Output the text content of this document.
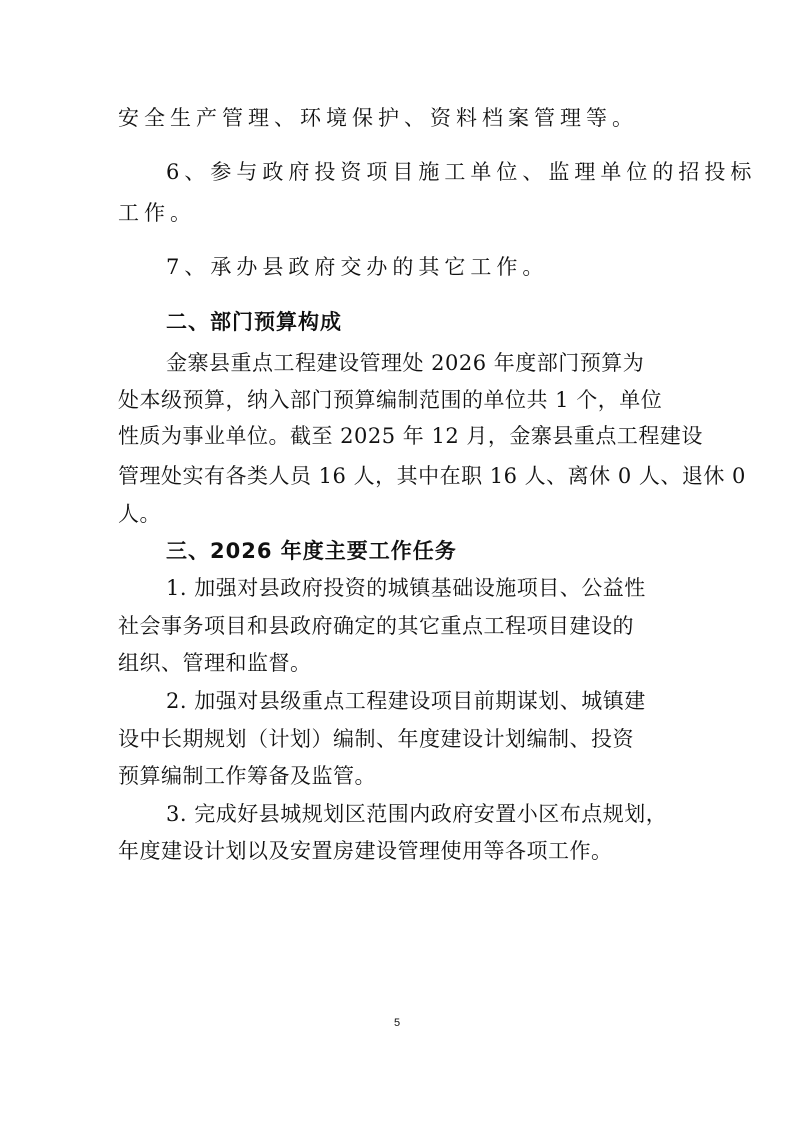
安全生产管理、环境保护、资料档案管理等。
6、参与政府投资项目施工单位、监理单位的招投标
工作。
7、承办县政府交办的其它工作。
二、部门预算构成
金寨县重点工程建设管理处 2026 年度部门预算为
处本级预算，纳入部门预算编制范围的单位共 1 个，单位
性质为事业单位。截至 2025 年 12 月，金寨县重点工程建设
管理处实有各类人员 16 人，其中在职 16 人、离休 0 人、退休 0
人。
三、2026 年度主要工作任务
1. 加强对县政府投资的城镇基础设施项目、公益性
社会事务项目和县政府确定的其它重点工程项目建设的
组织、管理和监督。
2. 加强对县级重点工程建设项目前期谋划、城镇建
设中长期规划（计划）编制、年度建设计划编制、投资
预算编制工作筹备及监管。
3. 完成好县城规划区范围内政府安置小区布点规划，
年度建设计划以及安置房建设管理使用等各项工作。
5
